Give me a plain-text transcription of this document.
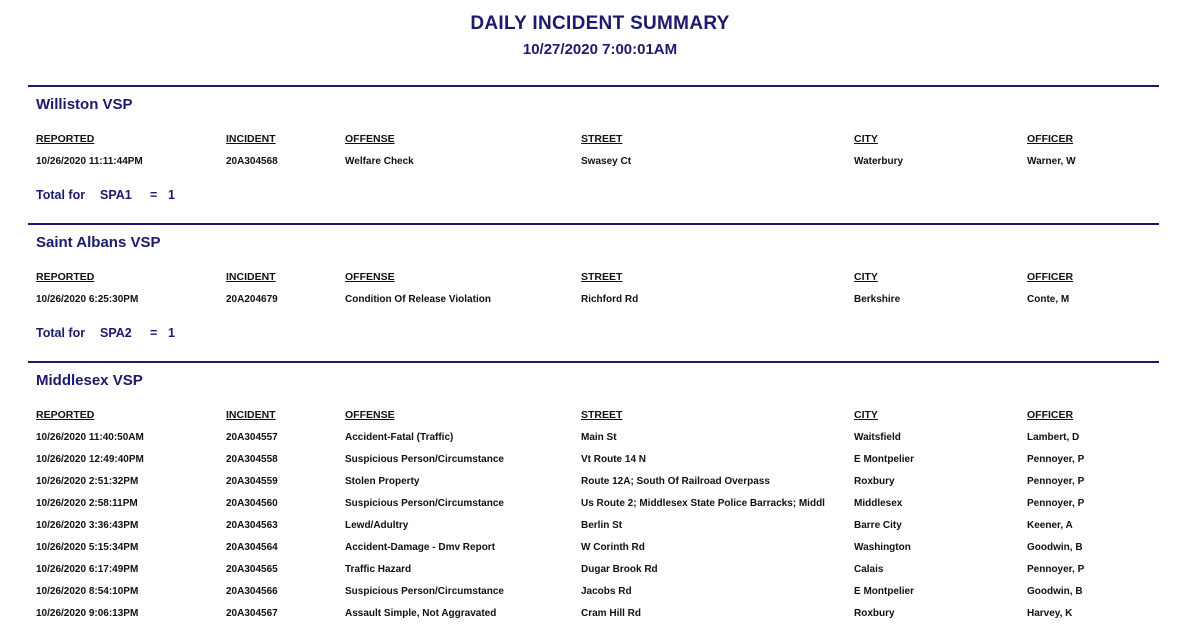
DAILY INCIDENT SUMMARY
10/27/2020 7:00:01AM
Williston VSP
REPORTED	INCIDENT	OFFENSE	STREET	CITY	OFFICER
10/26/2020 11:11:44PM	20A304568	Welfare Check	Swasey Ct	Waterbury	Warner, W
Total for SPA1 = 1
Saint Albans VSP
REPORTED	INCIDENT	OFFENSE	STREET	CITY	OFFICER
10/26/2020 6:25:30PM	20A204679	Condition Of Release Violation	Richford Rd	Berkshire	Conte, M
Total for SPA2 = 1
Middlesex VSP
REPORTED	INCIDENT	OFFENSE	STREET	CITY	OFFICER
10/26/2020 11:40:50AM	20A304557	Accident-Fatal (Traffic)	Main St	Waitsfield	Lambert, D
10/26/2020 12:49:40PM	20A304558	Suspicious Person/Circumstance	Vt Route 14 N	E Montpelier	Pennoyer, P
10/26/2020 2:51:32PM	20A304559	Stolen Property	Route 12A; South Of Railroad Overpass	Roxbury	Pennoyer, P
10/26/2020 2:58:11PM	20A304560	Suspicious Person/Circumstance	Us Route 2; Middlesex State Police Barracks; Middl	Middlesex	Pennoyer, P
10/26/2020 3:36:43PM	20A304563	Lewd/Adultry	Berlin St	Barre City	Keener, A
10/26/2020 5:15:34PM	20A304564	Accident-Damage - Dmv Report	W Corinth Rd	Washington	Goodwin, B
10/26/2020 6:17:49PM	20A304565	Traffic Hazard	Dugar Brook Rd	Calais	Pennoyer, P
10/26/2020 8:54:10PM	20A304566	Suspicious Person/Circumstance	Jacobs Rd	E Montpelier	Goodwin, B
10/26/2020 9:06:13PM	20A304567	Assault Simple, Not Aggravated	Cram Hill Rd	Roxbury	Harvey, K
